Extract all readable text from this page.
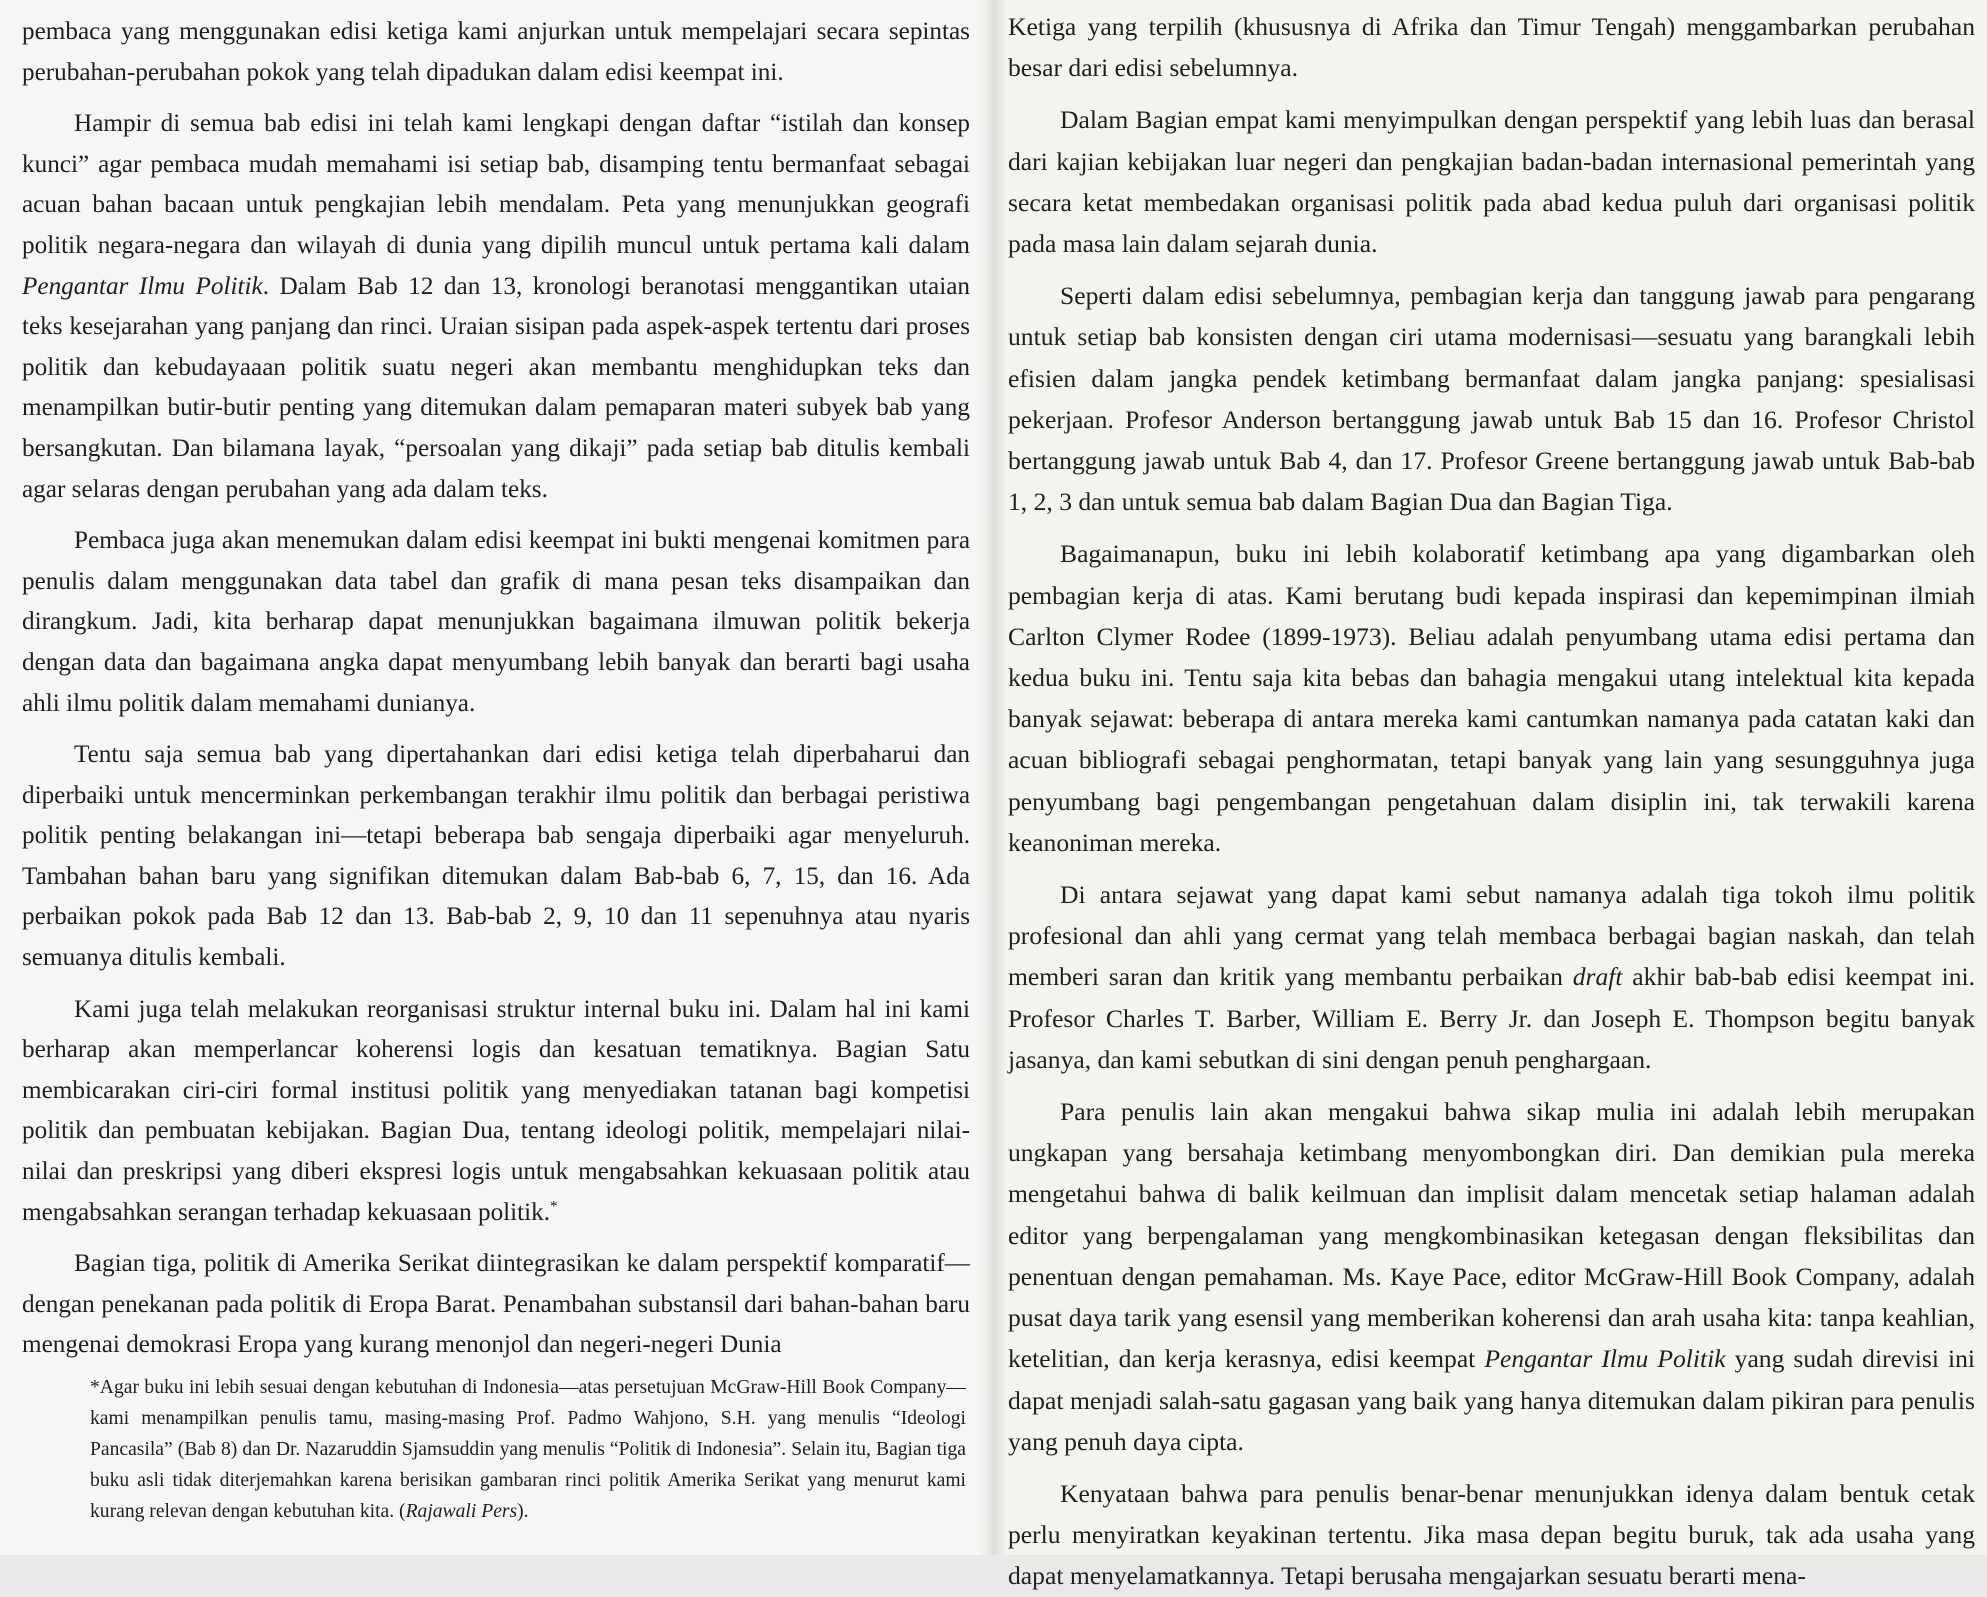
pembaca yang menggunakan edisi ketiga kami anjurkan untuk mempelajari secara sepintas perubahan-perubahan pokok yang telah dipadukan dalam edisi keempat ini.

Hampir di semua bab edisi ini telah kami lengkapi dengan daftar “istilah dan konsep kunci” agar pembaca mudah memahami isi setiap bab, disamping tentu bermanfaat sebagai acuan bahan bacaan untuk pengkajian lebih mendalam. Peta yang menunjukkan geografi politik negara-negara dan wilayah di dunia yang dipilih muncul untuk pertama kali dalam Pengantar Ilmu Politik. Dalam Bab 12 dan 13, kronologi beranotasi menggantikan utaian teks kesejarahan yang panjang dan rinci. Uraian sisipan pada aspek-aspek tertentu dari proses politik dan kebudayaaan politik suatu negeri akan membantu menghidupkan teks dan menampilkan butir-butir penting yang ditemukan dalam pemaparan materi subyek bab yang bersangkutan. Dan bilamana layak, “persoalan yang dikaji” pada setiap bab ditulis kembali agar selaras dengan perubahan yang ada dalam teks.

Pembaca juga akan menemukan dalam edisi keempat ini bukti mengenai komitmen para penulis dalam menggunakan data tabel dan grafik di mana pesan teks disampaikan dan dirangkum. Jadi, kita berharap dapat menunjukkan bagaimana ilmuwan politik bekerja dengan data dan bagaimana angka dapat menyumbang lebih banyak dan berarti bagi usaha ahli ilmu politik dalam memahami dunianya.

Tentu saja semua bab yang dipertahankan dari edisi ketiga telah diperbaharui dan diperbaiki untuk mencerminkan perkembangan terakhir ilmu politik dan berbagai peristiwa politik penting belakangan ini—tetapi beberapa bab sengaja diperbaiki agar menyeluruh. Tambahan bahan baru yang signifikan ditemukan dalam Bab-bab 6, 7, 15, dan 16. Ada perbaikan pokok pada Bab 12 dan 13. Bab-bab 2, 9, 10 dan 11 sepenuhnya atau nyaris semuanya ditulis kembali.

Kami juga telah melakukan reorganisasi struktur internal buku ini. Dalam hal ini kami berharap akan memperlancar koherensi logis dan kesatuan tematiknya. Bagian Satu membicarakan ciri-ciri formal institusi politik yang menyediakan tatanan bagi kompetisi politik dan pembuatan kebijakan. Bagian Dua, tentang ideologi politik, mempelajari nilai-nilai dan preskripsi yang diberi ekspresi logis untuk mengabsahkan kekuasaan politik atau mengabsahkan serangan terhadap kekuasaan politik.*

Bagian tiga, politik di Amerika Serikat diintegrasikan ke dalam perspektif komparatif—dengan penekanan pada politik di Eropa Barat. Penambahan substansil dari bahan-bahan baru mengenai demokrasi Eropa yang kurang menonjol dan negeri-negeri Dunia

*Agar buku ini lebih sesuai dengan kebutuhan di Indonesia—atas persetujuan McGraw-Hill Book Company—kami menampilkan penulis tamu, masing-masing Prof. Padmo Wahjono, S.H. yang menulis “Ideologi Pancasila” (Bab 8) dan Dr. Nazaruddin Sjamsuddin yang menulis “Politik di Indonesia”. Selain itu, Bagian tiga buku asli tidak diterjemahkan karena berisikan gambaran rinci politik Amerika Serikat yang menurut kami kurang relevan dengan kebutuhan kita. (Rajawali Pers).

Ketiga yang terpilih (khususnya di Afrika dan Timur Tengah) menggambarkan perubahan besar dari edisi sebelumnya.

Dalam Bagian empat kami menyimpulkan dengan perspektif yang lebih luas dan berasal dari kajian kebijakan luar negeri dan pengkajian badan-badan internasional pemerintah yang secara ketat membedakan organisasi politik pada abad kedua puluh dari organisasi politik pada masa lain dalam sejarah dunia.

Seperti dalam edisi sebelumnya, pembagian kerja dan tanggung jawab para pengarang untuk setiap bab konsisten dengan ciri utama modernisasi—sesuatu yang barangkali lebih efisien dalam jangka pendek ketimbang bermanfaat dalam jangka panjang: spesialisasi pekerjaan. Profesor Anderson bertanggung jawab untuk Bab 15 dan 16. Profesor Christol bertanggung jawab untuk Bab 4, dan 17. Profesor Greene bertanggung jawab untuk Bab-bab 1, 2, 3 dan untuk semua bab dalam Bagian Dua dan Bagian Tiga.

Bagaimanapun, buku ini lebih kolaboratif ketimbang apa yang digambarkan oleh pembagian kerja di atas. Kami berutang budi kepada inspirasi dan kepemimpinan ilmiah Carlton Clymer Rodee (1899-1973). Beliau adalah penyumbang utama edisi pertama dan kedua buku ini. Tentu saja kita bebas dan bahagia mengakui utang intelektual kita kepada banyak sejawat: beberapa di antara mereka kami cantumkan namanya pada catatan kaki dan acuan bibliografi sebagai penghormatan, tetapi banyak yang lain yang sesungguhnya juga penyumbang bagi pengembangan pengetahuan dalam disiplin ini, tak terwakili karena keanoniman mereka.

Di antara sejawat yang dapat kami sebut namanya adalah tiga tokoh ilmu politik profesional dan ahli yang cermat yang telah membaca berbagai bagian naskah, dan telah memberi saran dan kritik yang membantu perbaikan draft akhir bab-bab edisi keempat ini. Profesor Charles T. Barber, William E. Berry Jr. dan Joseph E. Thompson begitu banyak jasanya, dan kami sebutkan di sini dengan penuh penghargaan.

Para penulis lain akan mengakui bahwa sikap mulia ini adalah lebih merupakan ungkapan yang bersahaja ketimbang menyombongkan diri. Dan demikian pula mereka mengetahui bahwa di balik keilmuan dan implisit dalam mencetak setiap halaman adalah editor yang berpengalaman yang mengkombinasikan ketegasan dengan fleksibilitas dan penentuan dengan pemahaman. Ms. Kaye Pace, editor McGraw-Hill Book Company, adalah pusat daya tarik yang esensil yang memberikan koherensi dan arah usaha kita: tanpa keahlian, ketelitian, dan kerja kerasnya, edisi keempat Pengantar Ilmu Politik yang sudah direvisi ini dapat menjadi salah-satu gagasan yang baik yang hanya ditemukan dalam pikiran para penulis yang penuh daya cipta.

Kenyataan bahwa para penulis benar-benar menunjukkan idenya dalam bentuk cetak perlu menyiratkan keyakinan tertentu. Jika masa depan begitu buruk, tak ada usaha yang dapat menyelamatkannya. Tetapi berusaha mengajarkan sesuatu berarti mena-
